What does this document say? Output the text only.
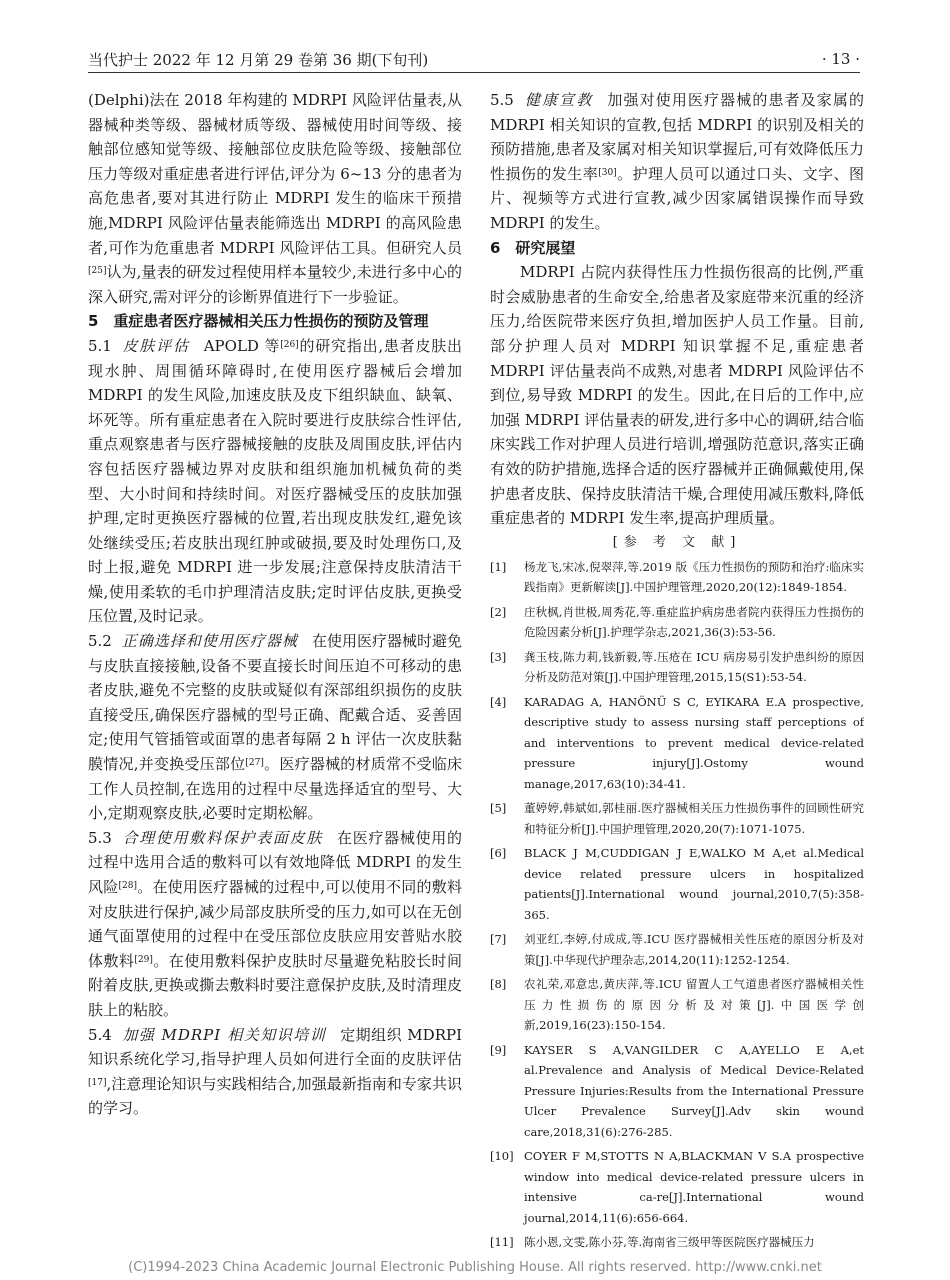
当代护士 2022 年 12 月第 29 卷第 36 期(下旬刊)	· 13 ·

(Delphi)法在 2018 年构建的 MDRPI 风险评估量表,从器械种类等级、器械材质等级、器械使用时间等级、接触部位感知觉等级、接触部位皮肤危险等级、接触部位压力等级对重症患者进行评估,评分为 6~13 分的患者为高危患者,要对其进行防止 MDRPI 发生的临床干预措施,MDRPI 风险评估量表能筛选出 MDRPI 的高风险患者,可作为危重患者 MDRPI 风险评估工具。但研究人员[25]认为,量表的研发过程使用样本量较少,未进行多中心的深入研究,需对评分的诊断界值进行下一步验证。

5　重症患者医疗器械相关压力性损伤的预防及管理

5.1 皮肤评估 APOLD 等[26]的研究指出,患者皮肤出现水肿、周围循环障碍时,在使用医疗器械后会增加 MDRPI 的发生风险,加速皮肤及皮下组织缺血、缺氧、坏死等。所有重症患者在入院时要进行皮肤综合性评估,重点观察患者与医疗器械接触的皮肤及周围皮肤,评估内容包括医疗器械边界对皮肤和组织施加机械负荷的类型、大小时间和持续时间。对医疗器械受压的皮肤加强护理,定时更换医疗器械的位置,若出现皮肤发红,避免该处继续受压;若皮肤出现红肿或破损,要及时处理伤口,及时上报,避免 MDRPI 进一步发展;注意保持皮肤清洁干燥,使用柔软的毛巾护理清洁皮肤;定时评估皮肤,更换受压位置,及时记录。

5.2 正确选择和使用医疗器械 在使用医疗器械时避免与皮肤直接接触,设备不要直接长时间压迫不可移动的患者皮肤,避免不完整的皮肤或疑似有深部组织损伤的皮肤直接受压,确保医疗器械的型号正确、配戴合适、妥善固定;使用气管插管或面罩的患者每隔 2 h 评估一次皮肤黏膜情况,并变换受压部位[27]。医疗器械的材质常不受临床工作人员控制,在选用的过程中尽量选择适宜的型号、大小,定期观察皮肤,必要时定期松解。

5.3 合理使用敷料保护表面皮肤 在医疗器械使用的过程中选用合适的敷料可以有效地降低 MDRPI 的发生风险[28]。在使用医疗器械的过程中,可以使用不同的敷料对皮肤进行保护,减少局部皮肤所受的压力,如可以在无创通气面罩使用的过程中在受压部位皮肤应用安普贴水胶体敷料[29]。在使用敷料保护皮肤时尽量避免粘胶长时间附着皮肤,更换或撕去敷料时要注意保护皮肤,及时清理皮肤上的粘胶。

5.4 加强 MDRPI 相关知识培训 定期组织 MDRPI 知识系统化学习,指导护理人员如何进行全面的皮肤评估[17],注意理论知识与实践相结合,加强最新指南和专家共识的学习。

5.5 健康宣教 加强对使用医疗器械的患者及家属的 MDRPI 相关知识的宣教,包括 MDRPI 的识别及相关的预防措施,患者及家属对相关知识掌握后,可有效降低压力性损伤的发生率[30]。护理人员可以通过口头、文字、图片、视频等方式进行宣教,减少因家属错误操作而导致 MDRPI 的发生。

6　研究展望

MDRPI 占院内获得性压力性损伤很高的比例,严重时会威胁患者的生命安全,给患者及家庭带来沉重的经济压力,给医院带来医疗负担,增加医护人员工作量。目前,部分护理人员对 MDRPI 知识掌握不足,重症患者 MDRPI 评估量表尚不成熟,对患者 MDRPI 风险评估不到位,易导致 MDRPI 的发生。因此,在日后的工作中,应加强 MDRPI 评估量表的研发,进行多中心的调研,结合临床实践工作对护理人员进行培训,增强防范意识,落实正确有效的防护措施,选择合适的医疗器械并正确佩戴使用,保护患者皮肤、保持皮肤清洁干燥,合理使用减压敷料,降低重症患者的 MDRPI 发生率,提高护理质量。

[参 考 文 献]
[1]	杨龙飞,宋冰,倪翠萍,等.2019 版《压力性损伤的预防和治疗:临床实践指南》更新解读[J].中国护理管理,2020,20(12):1849-1854.
[2]	庄秋枫,肖世极,周秀花,等.重症监护病房患者院内获得压力性损伤的危险因素分析[J].护理学杂志,2021,36(3):53-56.
[3]	龚玉枝,陈力莉,钱新毅,等.压疮在 ICU 病房易引发护患纠纷的原因分析及防范对策[J].中国护理管理,2015,15(S1):53-54.
[4]	KARADAG A, HANÖNÜ S C, EYIKARA E.A prospective, descriptive study to assess nursing staff perceptions of and interventions to prevent medical device-related pressure injury[J].Ostomy wound manage,2017,63(10):34-41.
[5]	董婷婷,韩斌如,郭桂丽.医疗器械相关压力性损伤事件的回顾性研究和特征分析[J].中国护理管理,2020,20(7):1071-1075.
[6]	BLACK J M,CUDDIGAN J E,WALKO M A,et al.Medical device related pressure ulcers in hospitalized patients[J].International wound journal,2010,7(5):358-365.
[7]	刘亚红,李婷,付成成,等.ICU 医疗器械相关性压疮的原因分析及对策[J].中华现代护理杂志,2014,20(11):1252-1254.
[8]	农礼荣,邓意忠,黄庆萍,等.ICU 留置人工气道患者医疗器械相关性压力性损伤的原因分析及对策[J].中国医学创新,2019,16(23):150-154.
[9]	KAYSER S A,VANGILDER C A,AYELLO E A,et al.Prevalence and Analysis of Medical Device-Related Pressure Injuries:Results from the International Pressure Ulcer Prevalence Survey[J].Adv skin wound care,2018,31(6):276-285.
[10] COYER F M,STOTTS N A,BLACKMAN V S.A prospective window into medical device-related pressure ulcers in intensive ca-re[J].International wound journal,2014,11(6):656-664.
[11] 陈小恩,文雯,陈小芬,等.海南省三级甲等医院医疗器械压力
(C)1994-2023 China Academic Journal Electronic Publishing House. All rights reserved. http://www.cnki.net
